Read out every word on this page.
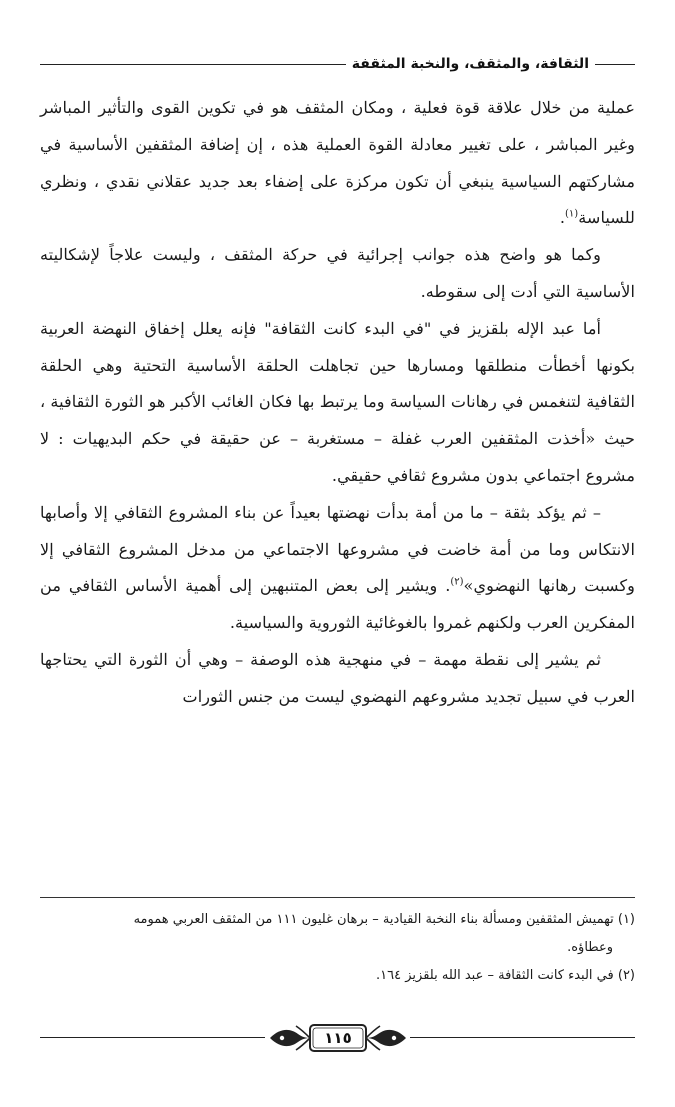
الثقافة، والمثقف، والنخبة المثقفة

عملية من خلال علاقة قوة فعلية ، ومكان المثقف هو في تكوين القوى والتأثير المباشر وغير المباشر ، على تغيير معادلة القوة العملية هذه ، إن إضافة المثقفين الأساسية في مشاركتهم السياسية ينبغي أن تكون مركزة على إضفاء بعد جديد عقلاني نقدي ، ونظري للسياسة$^{(١)}$.

وكما هو واضح هذه جوانب إجرائية في حركة المثقف ، وليست علاجاً لإشكاليته الأساسية التي أدت إلى سقوطه.

أما عبد الإله بلقزيز في "في البدء كانت الثقافة" فإنه يعلل إخفاق النهضة العربية بكونها أخطأت منطلقها ومسارها حين تجاهلت الحلقة الأساسية التحتية وهي الحلقة الثقافية لتنغمس في رهانات السياسة وما يرتبط بها فكان الغائب الأكبر هو الثورة الثقافية ، حيث «أخذت المثقفين العرب غفلة – مستغربة – عن حقيقة في حكم البديهيات : لا مشروع اجتماعي بدون مشروع ثقافي حقيقي.

– ثم يؤكد بثقة – ما من أمة بدأت نهضتها بعيداً عن بناء المشروع الثقافي إلا وأصابها الانتكاس وما من أمة خاضت في مشروعها الاجتماعي من مدخل المشروع الثقافي إلا وكسبت رهانها النهضوي»$^{(٢)}$. ويشير إلى بعض المتنبهين إلى أهمية الأساس الثقافي من المفكرين العرب ولكنهم غمروا بالغوغائية الثوروية والسياسية.

ثم يشير إلى نقطة مهمة – في منهجية هذه الوصفة – وهي أن الثورة التي يحتاجها العرب في سبيل تجديد مشروعهم النهضوي ليست من جنس الثورات

(١) تهميش المثقفين ومسألة بناء النخبة القيادية – برهان غليون ١١١ من المثقف العربي همومه

وعطاؤه.

(٢) في البدء كانت الثقافة – عبد الله بلقزيز ١٦٤.

١١٥
